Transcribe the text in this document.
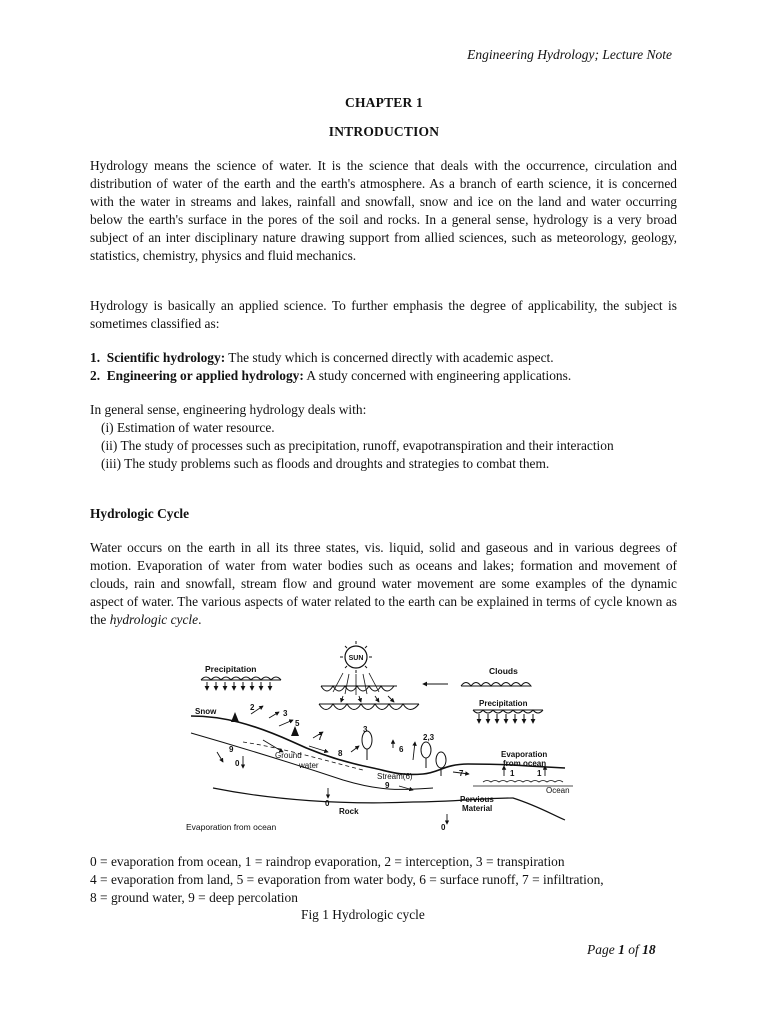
Engineering Hydrology; Lecture Note
CHAPTER 1
INTRODUCTION
Hydrology means the science of water. It is the science that deals with the occurrence, circulation and distribution of water of the earth and the earth's atmosphere. As a branch of earth science, it is concerned with the water in streams and lakes, rainfall and snowfall, snow and ice on the land and water occurring below the earth's surface in the pores of the soil and rocks. In a general sense, hydrology is a very broad subject of an inter disciplinary nature drawing support from allied sciences, such as meteorology, geology, statistics, chemistry, physics and fluid mechanics.
Hydrology is basically an applied science. To further emphasis the degree of applicability, the subject is sometimes classified as:
1. Scientific hydrology: The study which is concerned directly with academic aspect.
2. Engineering or applied hydrology: A study concerned with engineering applications.
In general sense, engineering hydrology deals with:
(i) Estimation of water resource.
(ii) The study of processes such as precipitation, runoff, evapotranspiration and their interaction
(iii) The study problems such as floods and droughts and strategies to combat them.
Hydrologic Cycle
Water occurs on the earth in all its three states, vis. liquid, solid and gaseous and in various degrees of motion. Evaporation of water from water bodies such as oceans and lakes; formation and movement of clouds, rain and snowfall, stream flow and ground water movement are some examples of the dynamic aspect of water. The various aspects of water related to the earth can be explained in terms of cycle known as the hydrologic cycle.
SUN
Precipitation	Clouds
Precipitation
Snow
Ground
water
Stream(6)
Evaporation
from ocean
Ocean
Pervious
Material
Rock
Evaporation from ocean
2
3
5
7
9
0
3
6
2,3
7
8
9
0
0
1	1
0 = evaporation from ocean, 1 = raindrop evaporation, 2 = interception, 3 = transpiration
4 = evaporation from land, 5 = evaporation from water body, 6 = surface runoff, 7 = infiltration,
8 = ground water, 9 = deep percolation
Fig 1 Hydrologic cycle
Page 1 of 18
